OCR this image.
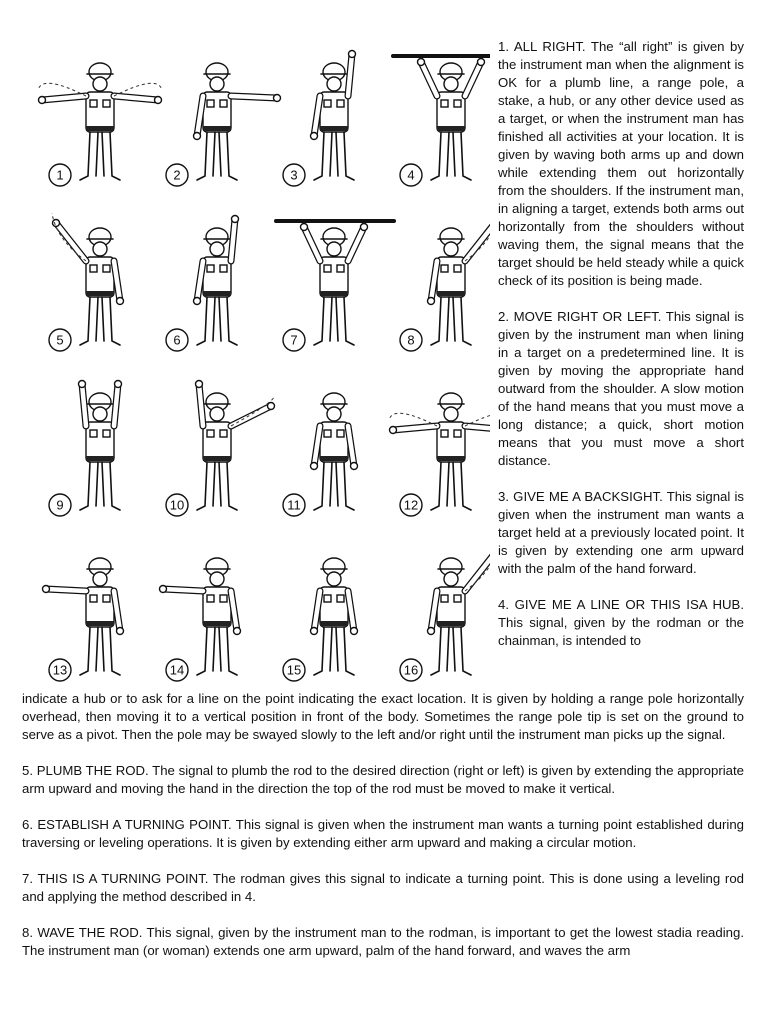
1	2	3	4
5	6	7	8
9	10	11	12
13	14	15	16

1. ALL RIGHT. The “all right” is given by the instrument man when the alignment is OK for a plumb line, a range pole, a stake, a hub, or any other device used as a target, or when the instrument man has finished all activities at your location. It is given by waving both arms up and down while extending them out horizontally from the shoulders. If the instrument man, in aligning a target, extends both arms out horizontally from the shoulders without waving them, the signal means that the target should be held steady while a quick check of its position is being made.

2. MOVE RIGHT OR LEFT. This signal is given by the instrument man when lining in a target on a predetermined line. It is given by moving the appropriate hand outward from the shoulder. A slow motion of the hand means that you must move a long distance; a quick, short motion means that you must move a short distance.

3. GIVE ME A BACKSIGHT. This signal is given when the instrument man wants a target held at a previously located point. It is given by extending one arm upward with the palm of the hand forward.

4. GIVE ME A LINE OR THIS ISA HUB. This signal, given by the rodman or the chainman, is intended to

indicate a hub or to ask for a line on the point indicating the exact location. It is given by holding a range pole horizontally overhead, then moving it to a vertical position in front of the body. Sometimes the range pole tip is set on the ground to serve as a pivot. Then the pole may be swayed slowly to the left and/or right until the instrument man picks up the signal.

5. PLUMB THE ROD. The signal to plumb the rod to the desired direction (right or left) is given by extending the appropriate arm upward and moving the hand in the direction the top of the rod must be moved to make it vertical.

6. ESTABLISH A TURNING POINT. This signal is given when the instrument man wants a turning point established during traversing or leveling operations. It is given by extending either arm upward and making a circular motion.

7. THIS IS A TURNING POINT. The rodman gives this signal to indicate a turning point. This is done using a leveling rod and applying the method described in 4.

8. WAVE THE ROD. This signal, given by the instrument man to the rodman, is important to get the lowest stadia reading. The instrument man (or woman) extends one arm upward, palm of the hand forward, and waves the arm
